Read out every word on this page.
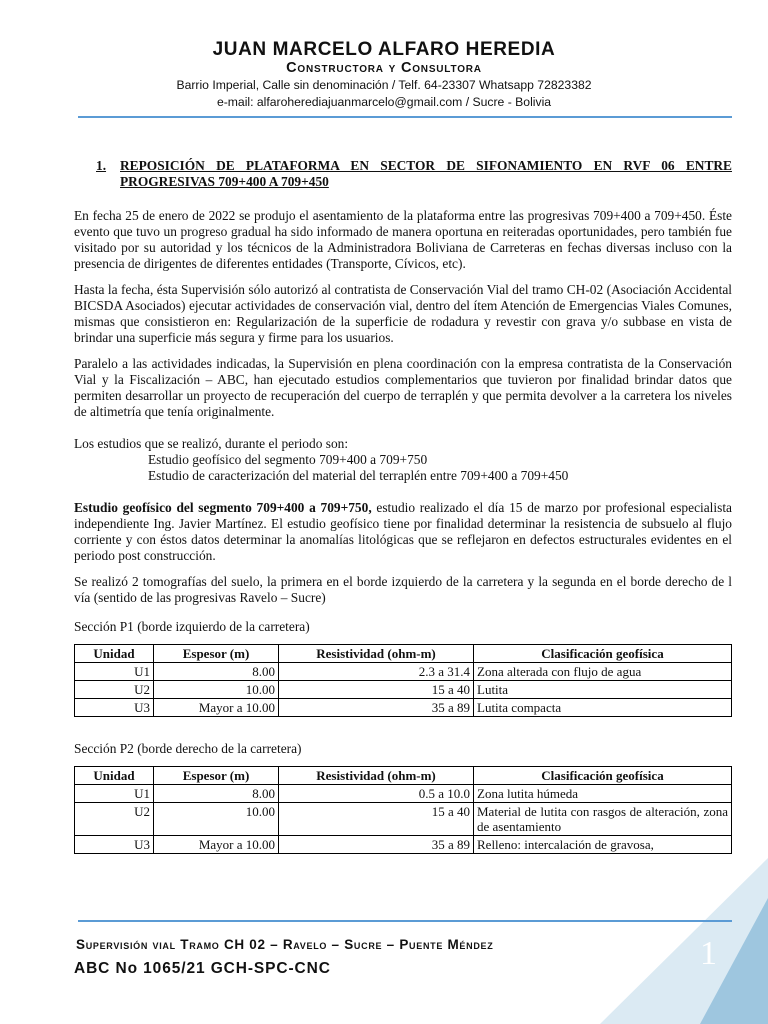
JUAN MARCELO ALFARO HEREDIA
Constructora y Consultora
Barrio Imperial, Calle sin denominación / Telf. 64-23307 Whatsapp 72823382
e-mail: alfaroherediajuanmarcelo@gmail.com / Sucre - Bolivia
1.	REPOSICIÓN DE PLATAFORMA EN SECTOR DE SIFONAMIENTO EN RVF 06 ENTRE PROGRESIVAS 709+400 A 709+450

En fecha 25 de enero de 2022 se produjo el asentamiento de la plataforma entre las progresivas 709+400 a 709+450. Éste evento que tuvo un progreso gradual ha sido informado de manera oportuna en reiteradas oportunidades, pero también fue visitado por su autoridad y los técnicos de la Administradora Boliviana de Carreteras en fechas diversas incluso con la presencia de dirigentes de diferentes entidades (Transporte, Cívicos, etc).

Hasta la fecha, ésta Supervisión sólo autorizó al contratista de Conservación Vial del tramo CH-02 (Asociación Accidental BICSDA Asociados) ejecutar actividades de conservación vial, dentro del ítem Atención de Emergencias Viales Comunes, mismas que consistieron en: Regularización de la superficie de rodadura y revestir con grava y/o subbase en vista de brindar una superficie más segura y firme para los usuarios.

Paralelo a las actividades indicadas, la Supervisión en plena coordinación con la empresa contratista de la Conservación Vial y la Fiscalización – ABC, han ejecutado estudios complementarios que tuvieron por finalidad brindar datos que permiten desarrollar un proyecto de recuperación del cuerpo de terraplén y que permita devolver a la carretera los niveles de altimetría que tenía originalmente.

Los estudios que se realizó, durante el periodo son:
Estudio geofísico del segmento 709+400 a 709+750
Estudio de caracterización del material del terraplén entre 709+400 a 709+450

Estudio geofísico del segmento 709+400 a 709+750, estudio realizado el día 15 de marzo por profesional especialista independiente Ing. Javier Martínez. El estudio geofísico tiene por finalidad determinar la resistencia de subsuelo al flujo corriente y con éstos datos determinar la anomalías litológicas que se reflejaron en defectos estructurales evidentes en el periodo post construcción.

Se realizó 2 tomografías del suelo, la primera en el borde izquierdo de la carretera y la segunda en el borde derecho de l vía (sentido de las progresivas Ravelo – Sucre)

Sección P1 (borde izquierdo de la carretera)
Unidad	Espesor (m)	Resistividad (ohm-m)	Clasificación geofísica
U1	8.00	2.3 a 31.4	Zona alterada con flujo de agua
U2	10.00	15 a 40	Lutita
U3	Mayor a 10.00	35 a 89	Lutita compacta
Sección P2 (borde derecho de la carretera)
Unidad	Espesor (m)	Resistividad (ohm-m)	Clasificación geofísica
U1	8.00	0.5 a 10.0	Zona lutita húmeda
U2	10.00	15 a 40	Material de lutita con rasgos de alteración, zona de asentamiento
U3	Mayor a 10.00	35 a 89	Relleno: intercalación de gravosa,
Supervisión vial Tramo CH 02 – Ravelo – Sucre – Puente Méndez
ABC No 1065/21 GCH-SPC-CNC	1
